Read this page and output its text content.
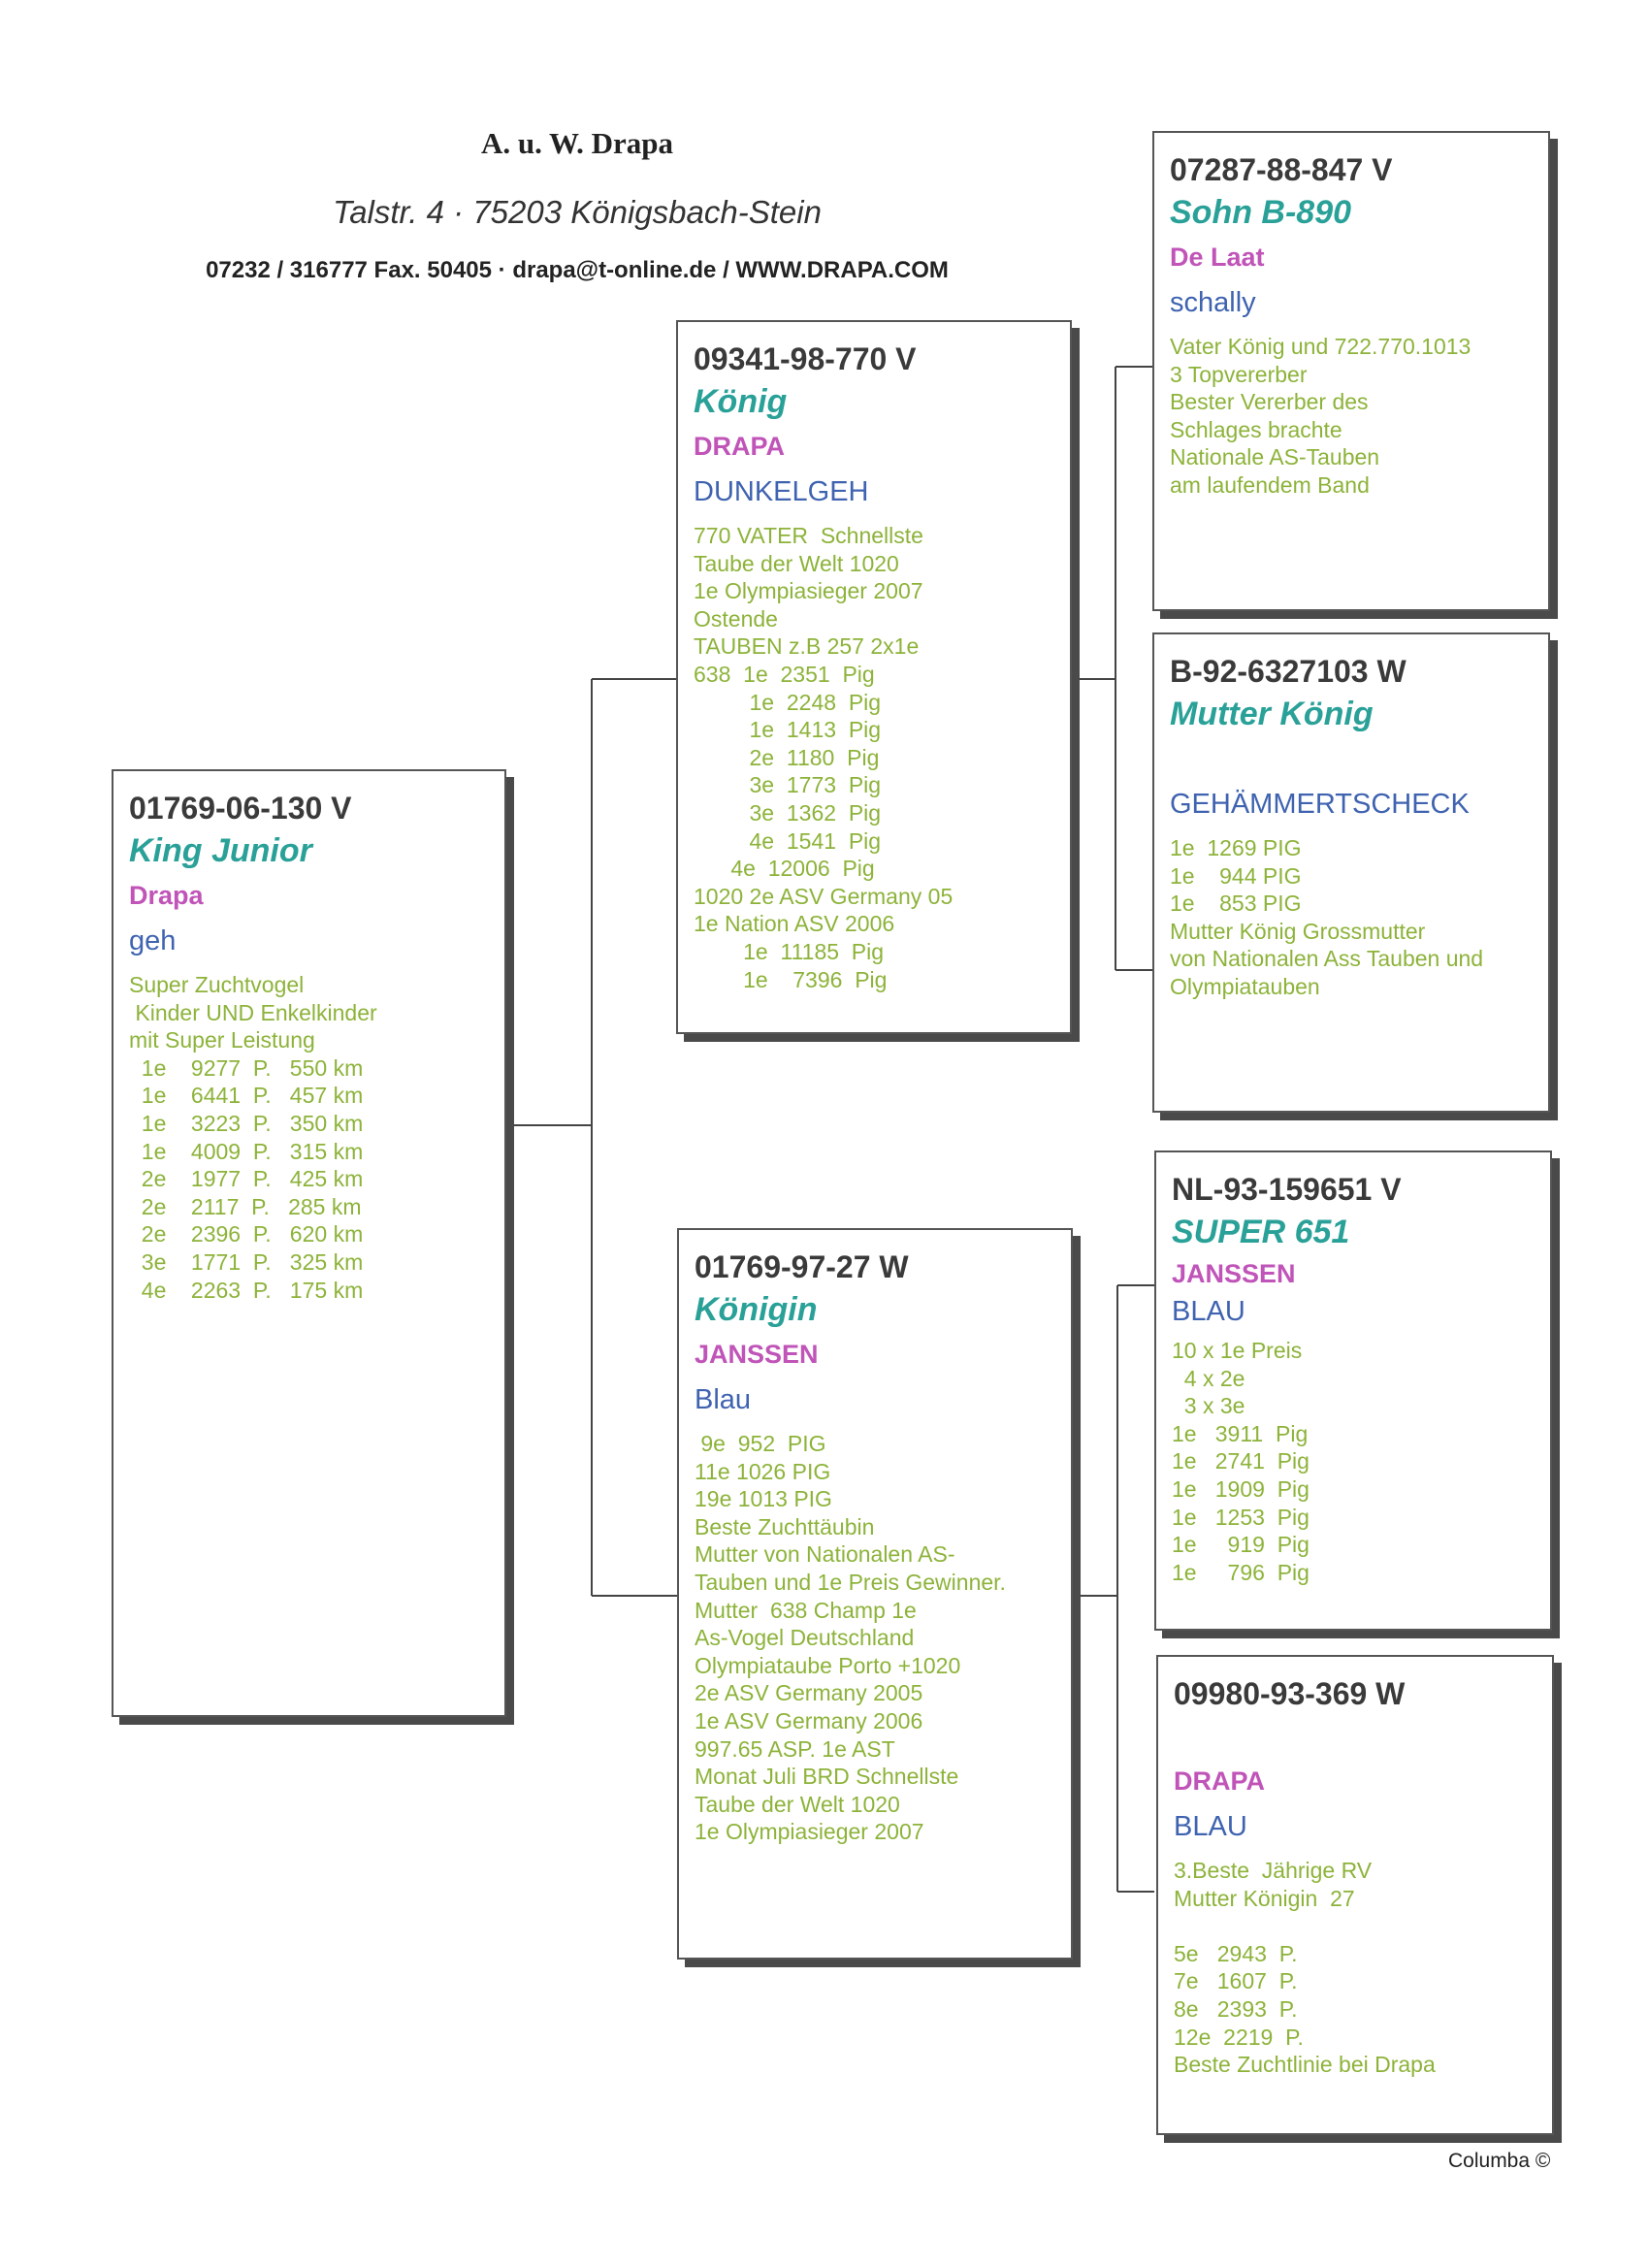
A. u. W. Drapa
Talstr. 4 · 75203 Königsbach-Stein
07232 / 316777 Fax. 50405 · drapa@t-online.de / WWW.DRAPA.COM
01769-06-130 V
King Junior
Drapa
geh
Super Zuchtvogel
Kinder UND Enkelkinder
mit Super Leistung
1e    9277  P.   550 km
1e    6441  P.   457 km
1e    3223  P.   350 km
1e    4009  P.   315 km
2e    1977  P.   425 km
2e    2117  P.   285 km
2e    2396  P.   620 km
3e    1771  P.   325 km
4e    2263  P.   175 km
09341-98-770 V
König
DRAPA
DUNKELGEH
770 VATER  Schnellste
Taube der Welt 1020
1e Olympiasieger 2007
Ostende
TAUBEN z.B 257 2x1e
638  1e  2351  Pig
1e  2248  Pig
1e  1413  Pig
2e  1180  Pig
3e  1773  Pig
3e  1362  Pig
4e  1541  Pig
4e  12006  Pig
1020 2e ASV Germany 05
1e Nation ASV 2006
1e  11185  Pig
1e    7396  Pig
01769-97-27 W
Königin
JANSSEN
Blau
9e  952  PIG
11e 1026 PIG
19e 1013 PIG
Beste Zuchttäubin
Mutter von Nationalen AS-
Tauben und 1e Preis Gewinner.
Mutter  638 Champ 1e
As-Vogel Deutschland
Olympiataube Porto +1020
2e ASV Germany 2005
1e ASV Germany 2006
997.65 ASP. 1e AST
Monat Juli BRD Schnellste
Taube der Welt 1020
1e Olympiasieger 2007
07287-88-847 V
Sohn B-890
De Laat
schally
Vater König und 722.770.1013
3 Topvererber
Bester Vererber des
Schlages brachte
Nationale AS-Tauben
am laufendem Band
B-92-6327103 W
Mutter König
GEHÄMMERTSCHECK
1e  1269 PIG
1e    944 PIG
1e    853 PIG
Mutter König Grossmutter
von Nationalen Ass Tauben und
Olympiatauben
NL-93-159651 V
SUPER 651
JANSSEN
BLAU
10 x 1e Preis
4 x 2e
3 x 3e
1e   3911  Pig
1e   2741  Pig
1e   1909  Pig
1e   1253  Pig
1e     919  Pig
1e     796  Pig
09980-93-369 W
DRAPA
BLAU
3.Beste  Jährige RV
Mutter Königin  27

5e   2943  P.
7e   1607  P.
8e   2393  P.
12e  2219  P.
Beste Zuchtlinie bei Drapa
Columba ©
